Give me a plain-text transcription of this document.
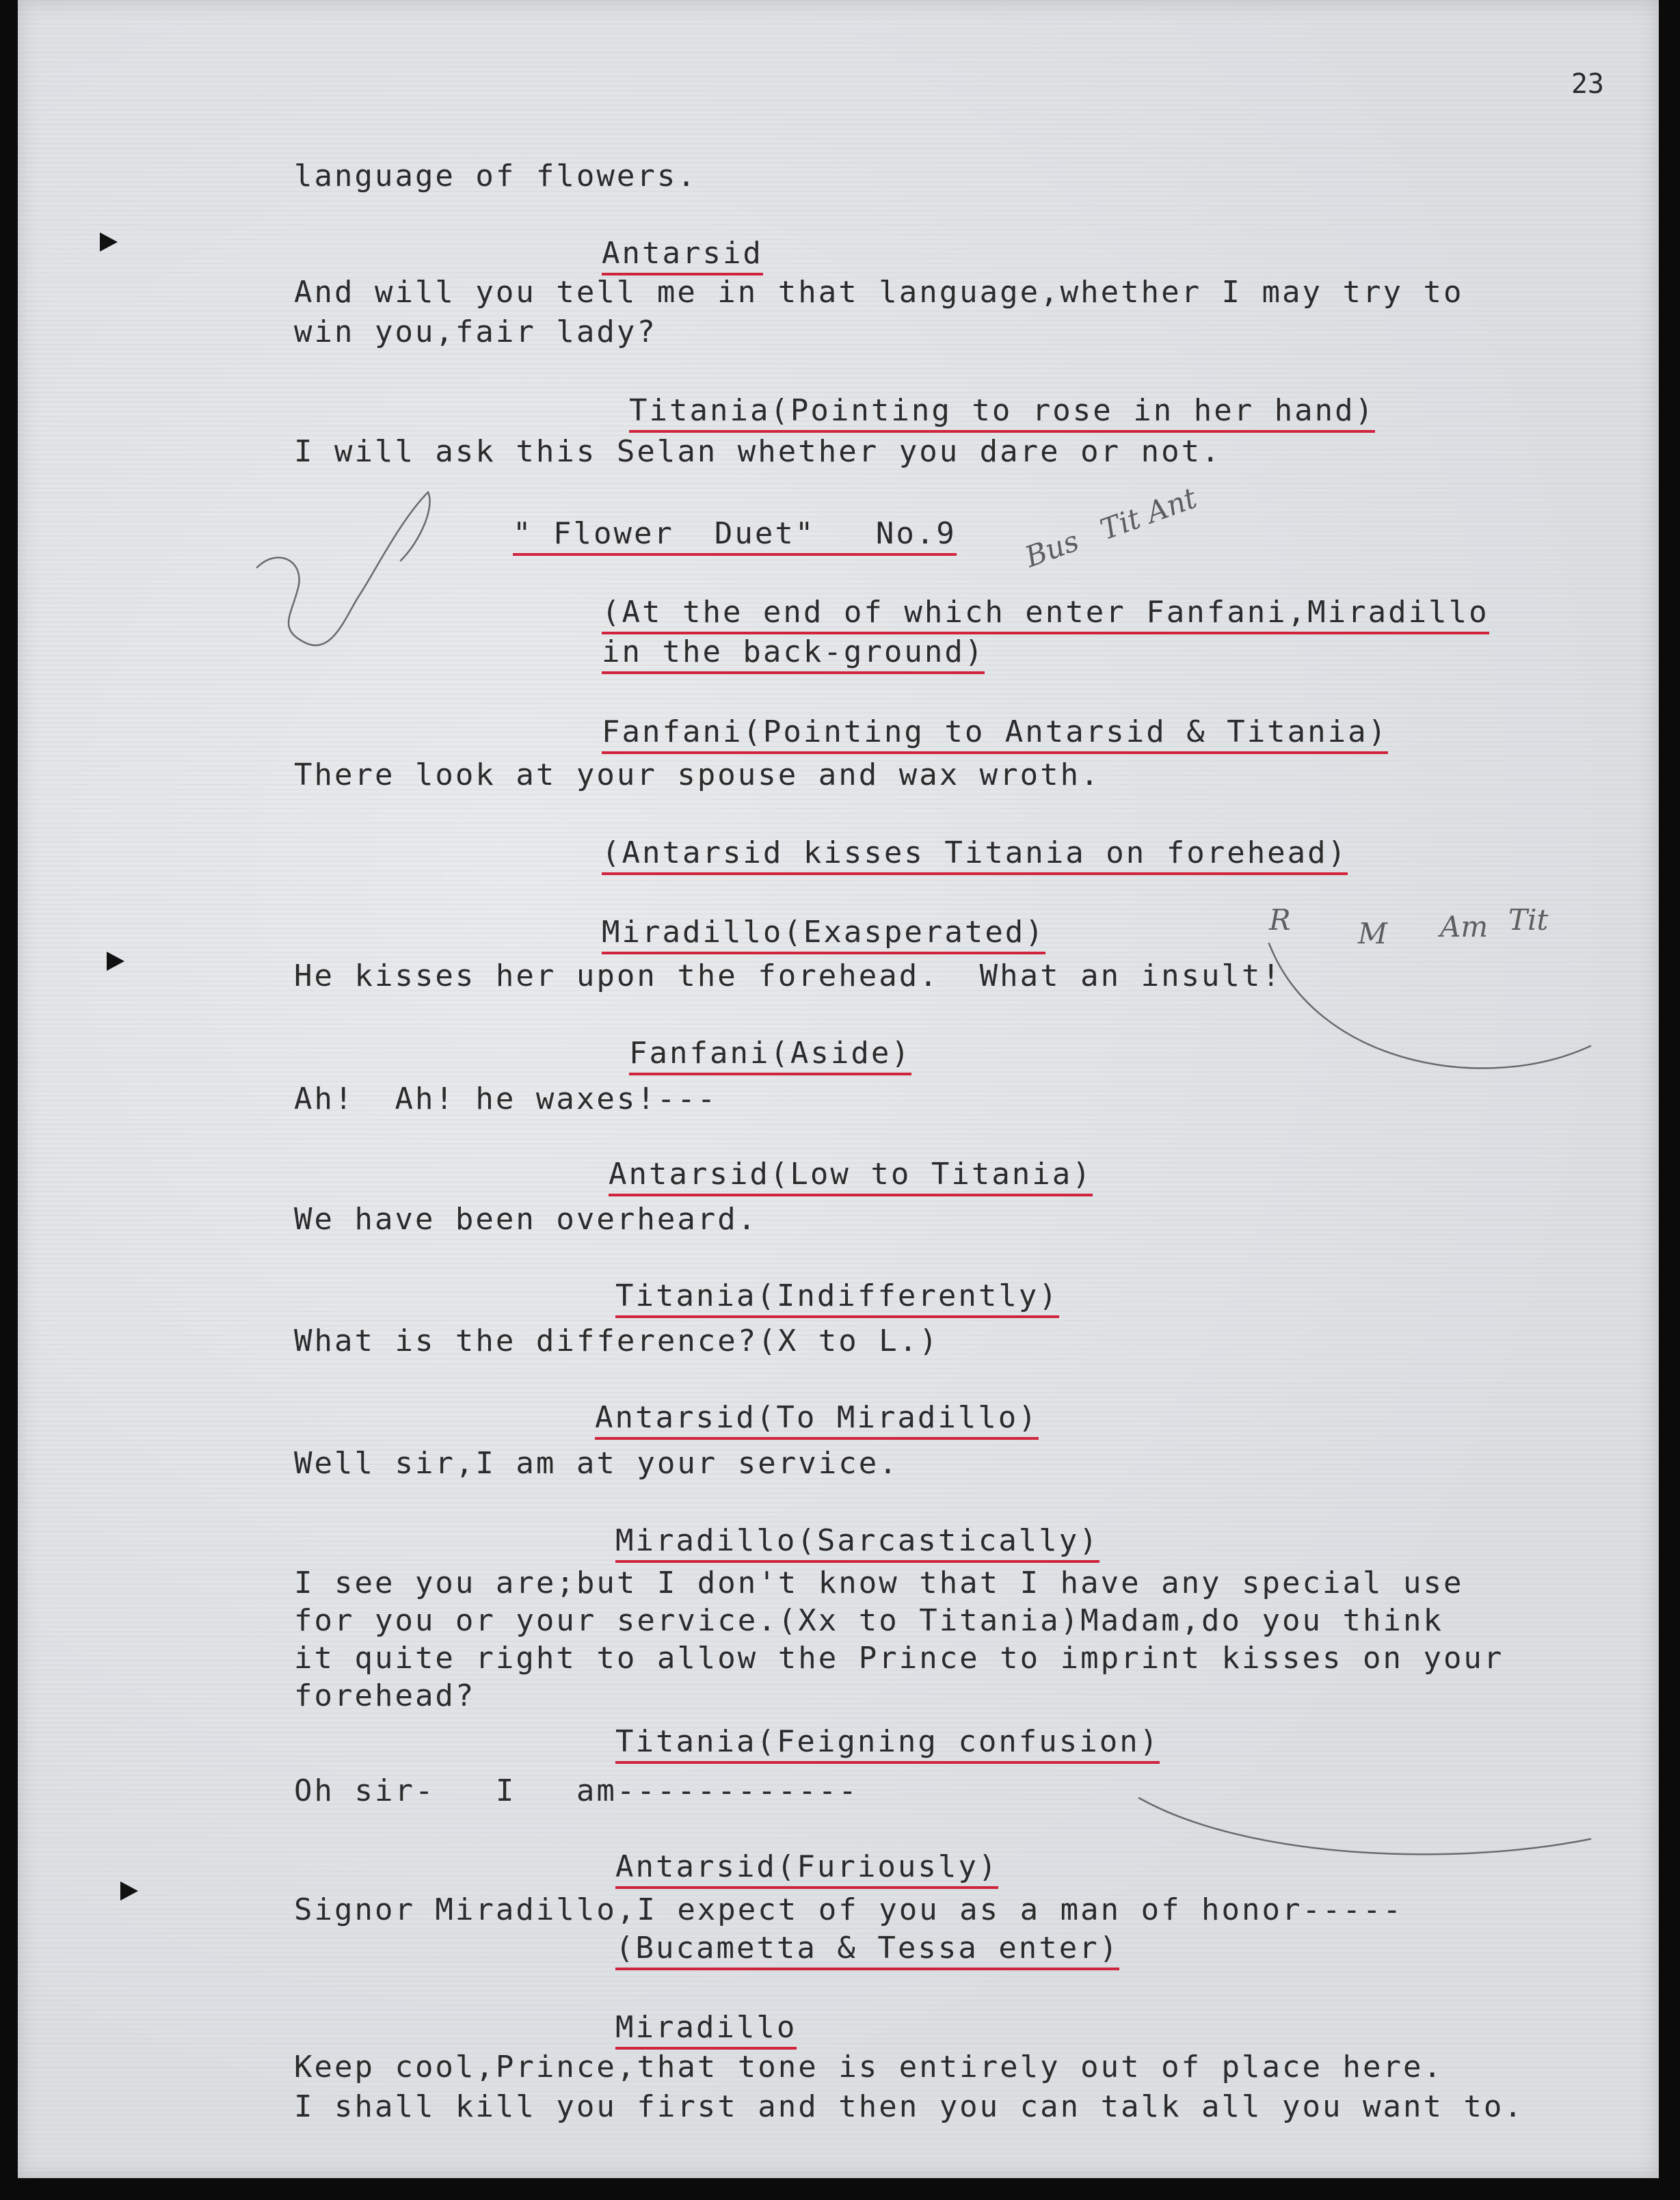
23

language of flowers.

Antarsid

And will you tell me in that language,whether I may try to

win you,fair lady?

Titania(Pointing to rose in her hand)

I will ask this Selan whether you dare or not.

" Flower  Duet"   No.9

(At the end of which enter Fanfani,Miradillo

in the back-ground)

Fanfani(Pointing to Antarsid & Titania)

There look at your spouse and wax wroth.

(Antarsid kisses Titania on forehead)

Miradillo(Exasperated)

He kisses her upon the forehead.  What an insult!

Fanfani(Aside)

Ah!  Ah! he waxes!---

Antarsid(Low to Titania)

We have been overheard.

Titania(Indifferently)

What is the difference?(X to L.)

Antarsid(To Miradillo)

Well sir,I am at your service.

Miradillo(Sarcastically)

I see you are;but I don't know that I have any special use

for you or your service.(Xx to Titania)Madam,do you think

it quite right to allow the Prince to imprint kisses on your

forehead?

Titania(Feigning confusion)

Oh sir-   I   am------------

Antarsid(Furiously)

Signor Miradillo,I expect of you as a man of honor-----

(Bucametta & Tessa enter)

Miradillo

Keep cool,Prince,that tone is entirely out of place here.

I shall kill you first and then you can talk all you want to.

Bus
Tit Ant
R M Am Tit
